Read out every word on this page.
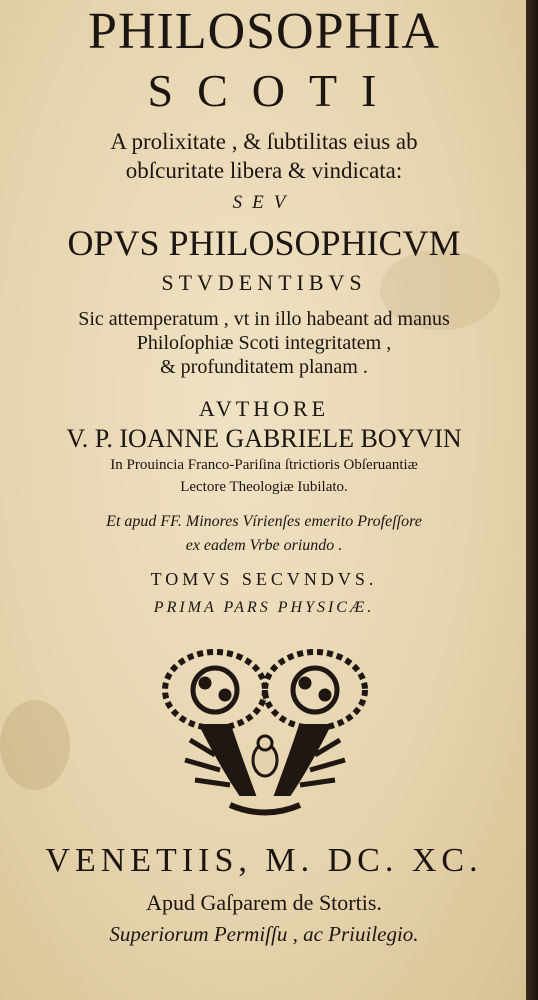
PHILOSOPHIA

SCOTI

A prolixitate , & ſubtilitas eius ab

obſcuritate libera & vindicata:

SEV

OPVS PHILOSOPHICVM

STVDENTIBVS

Sic attemperatum , vt in illo habeant ad manus

Philoſophiæ Scoti integritatem ,

& profunditatem planam .

AVTHORE

V. P. IOANNE GABRIELE BOYVIN

In Prouincia Franco-Pariſina ſtrictioris Obſeruantiæ

Lectore Theologiæ Iubilato.

Et apud FF. Minores Vírienſes emerito Profeſſore

ex eadem Vrbe oriundo .

TOMVS SECVNDVS.

PRIMA PARS PHYSICÆ.

VENETIIS, M. DC. XC.

Apud Gaſparem de Stortis.

Superiorum Permiſſu , ac Priuilegio.
